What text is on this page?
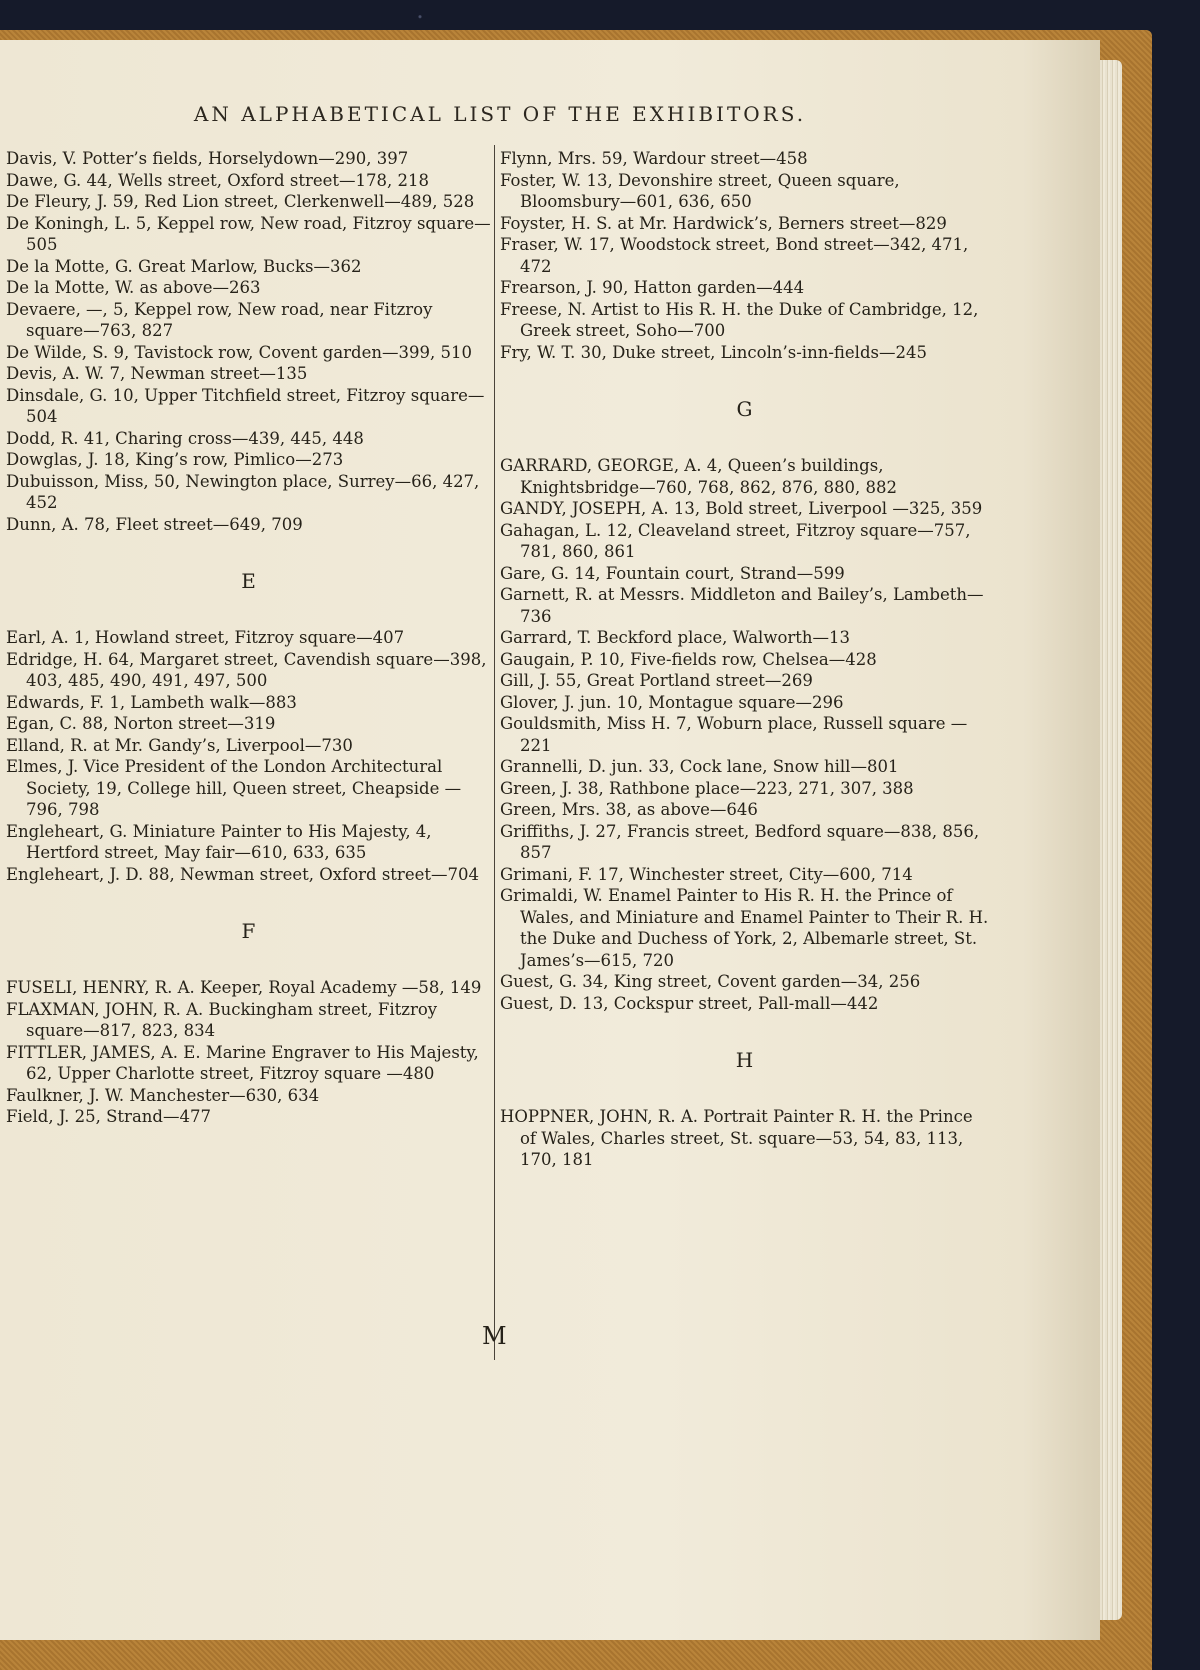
AN ALPHABETICAL LIST OF THE EXHIBITORS.

Davis, V. Potter’s fields, Horselydown—290, 397

Dawe, G. 44, Wells street, Oxford street—178, 218

De Fleury, J. 59, Red Lion street, Clerkenwell—489, 528

De Koningh, L. 5, Keppel row, New road, Fitzroy square—505

De la Motte, G. Great Marlow, Bucks—362

De la Motte, W. as above—263

Devaere, —, 5, Keppel row, New road, near Fitzroy square—763, 827

De Wilde, S. 9, Tavistock row, Covent garden—399, 510

Devis, A. W. 7, Newman street—135

Dinsdale, G. 10, Upper Titchfield street, Fitzroy square—504

Dodd, R. 41, Charing cross—439, 445, 448

Dowglas, J. 18, King’s row, Pimlico—273

Dubuisson, Miss, 50, Newington place, Surrey—66, 427, 452

Dunn, A. 78, Fleet street—649, 709

E

Earl, A. 1, Howland street, Fitzroy square—407

Edridge, H. 64, Margaret street, Cavendish square—398, 403, 485, 490, 491, 497, 500

Edwards, F. 1, Lambeth walk—883

Egan, C. 88, Norton street—319

Elland, R. at Mr. Gandy’s, Liverpool—730

Elmes, J. Vice President of the London Architectural Society, 19, College hill, Queen street, Cheapside —796, 798

Engleheart, G. Miniature Painter to His Majesty, 4, Hertford street, May fair—610, 633, 635

Engleheart, J. D. 88, Newman street, Oxford street—704

F

FUSELI, HENRY, R. A. Keeper, Royal Academy —58, 149

FLAXMAN, JOHN, R. A. Buckingham street, Fitzroy square—817, 823, 834

FITTLER, JAMES, A. E. Marine Engraver to His Majesty, 62, Upper Charlotte street, Fitzroy square —480

Faulkner, J. W. Manchester—630, 634

Field, J. 25, Strand—477

Flynn, Mrs. 59, Wardour street—458

Foster, W. 13, Devonshire street, Queen square, Bloomsbury—601, 636, 650

Foyster, H. S. at Mr. Hardwick’s, Berners street—829

Fraser, W. 17, Woodstock street, Bond street—342, 471, 472

Frearson, J. 90, Hatton garden—444

Freese, N. Artist to His R. H. the Duke of Cambridge, 12, Greek street, Soho—700

Fry, W. T. 30, Duke street, Lincoln’s-inn-fields—245

G

GARRARD, GEORGE, A. 4, Queen’s buildings, Knightsbridge—760, 768, 862, 876, 880, 882

GANDY, JOSEPH, A. 13, Bold street, Liverpool —325, 359

Gahagan, L. 12, Cleaveland street, Fitzroy square—757, 781, 860, 861

Gare, G. 14, Fountain court, Strand—599

Garnett, R. at Messrs. Middleton and Bailey’s, Lambeth—736

Garrard, T. Beckford place, Walworth—13

Gaugain, P. 10, Five-fields row, Chelsea—428

Gill, J. 55, Great Portland street—269

Glover, J. jun. 10, Montague square—296

Gouldsmith, Miss H. 7, Woburn place, Russell square —221

Grannelli, D. jun. 33, Cock lane, Snow hill—801

Green, J. 38, Rathbone place—223, 271, 307, 388

Green, Mrs. 38, as above—646

Griffiths, J. 27, Francis street, Bedford square—838, 856, 857

Grimani, F. 17, Winchester street, City—600, 714

Grimaldi, W. Enamel Painter to His R. H. the Prince of Wales, and Miniature and Enamel Painter to Their R. H. the Duke and Duchess of York, 2, Albemarle street, St. James’s—615, 720

Guest, G. 34, King street, Covent garden—34, 256

Guest, D. 13, Cockspur street, Pall-mall—442

H

HOPPNER, JOHN, R. A. Portrait Painter R. H. the Prince of Wales, Charles street, St. square—53, 54, 83, 113, 170, 181

M
